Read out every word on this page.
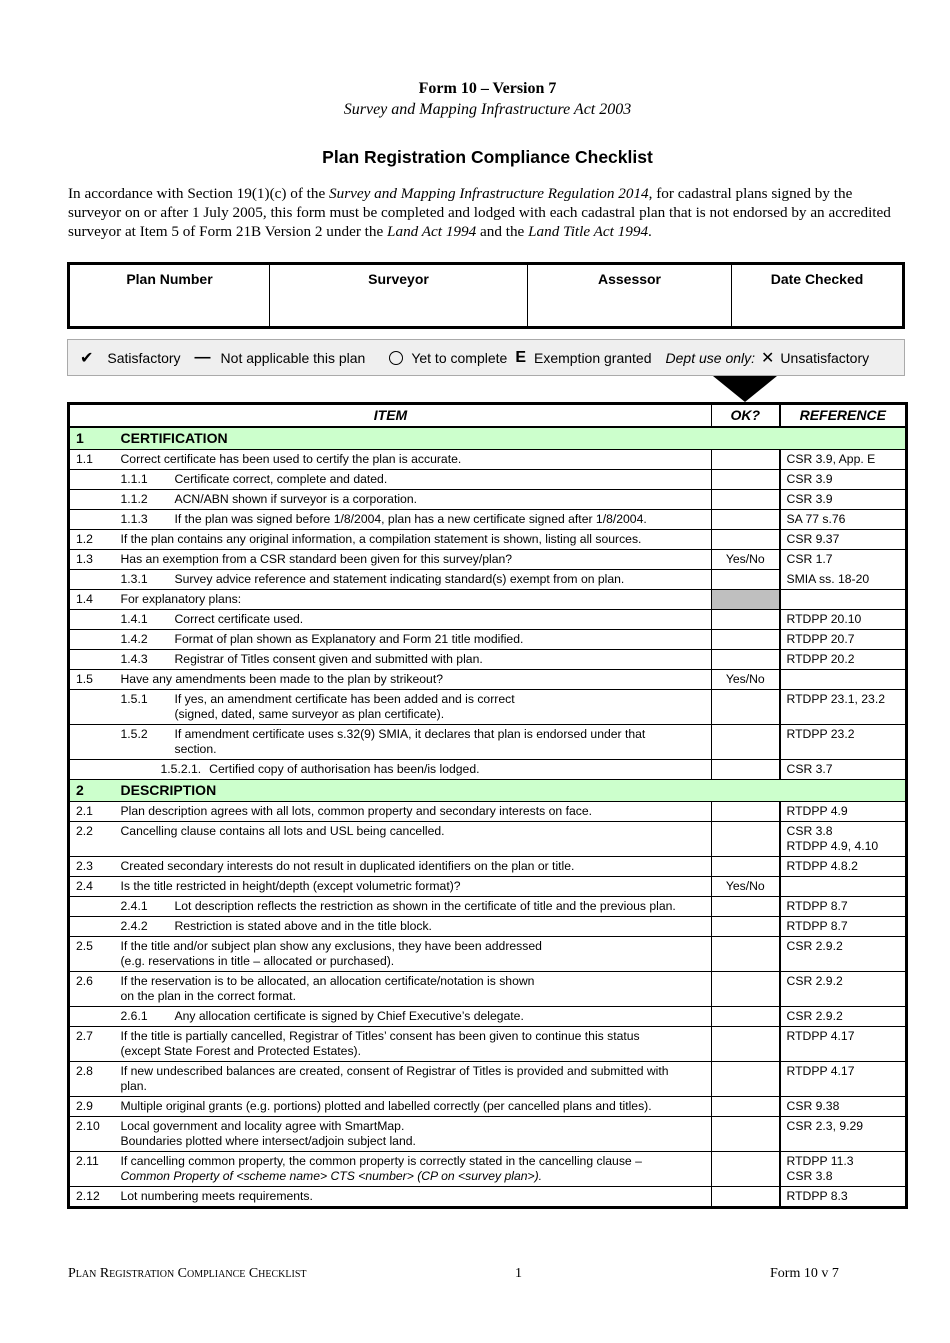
Form 10 – Version 7
Survey and Mapping Infrastructure Act 2003
Plan Registration Compliance Checklist
In accordance with Section 19(1)(c) of the Survey and Mapping Infrastructure Regulation 2014, for cadastral plans signed by the surveyor on or after 1 July 2005, this form must be completed and lodged with each cadastral plan that is not endorsed by an accredited surveyor at Item 5 of Form 21B Version 2 under the Land Act 1994 and the Land Title Act 1994.
Plan Number	Surveyor	Assessor	Date Checked
✔ Satisfactory — Not applicable this plan	Yet to complete E Exemption granted Dept use only: ✕ Unsatisfactory
ITEM		OK?	REFERENCE
1	CERTIFICATION		
1.1	Correct certificate has been used to certify the plan is accurate.		CSR 3.9, App. E

	1.1.1 Certificate correct, complete and dated.		CSR 3.9

	1.1.2 ACN/ABN shown if surveyor is a corporation.		CSR 3.9

	1.1.3 If the plan was signed before 1/8/2004, plan has a new certificate signed after 1/8/2004.		SA 77 s.76
1.2	If the plan contains any original information, a compilation statement is shown, listing all sources.		CSR 9.37
1.3	Has an exemption from a CSR standard been given for this survey/plan?	Yes/No	CSR 1.7

	1.3.1 Survey advice reference and statement indicating standard(s) exempt from on plan.		SMIA ss. 18-20
1.4	For explanatory plans:		

	1.4.1 Correct certificate used.		RTDPP 20.10

	1.4.2 Format of plan shown as Explanatory and Form 21 title modified.		RTDPP 20.7

	1.4.3 Registrar of Titles consent given and submitted with plan.		RTDPP 20.2
1.5	Have any amendments been made to the plan by strikeout?	Yes/No	

	1.5.1 If yes, an amendment certificate has been added and is correct
(signed, dated, same surveyor as plan certificate).		RTDPP 23.1, 23.2

	1.5.2 If amendment certificate uses s.32(9) SMIA, it declares that plan is endorsed under that
section.		RTDPP 23.2
	1.5.2.1. Certified copy of authorisation has been/is lodged.		CSR 3.7
2	DESCRIPTION		
2.1	Plan description agrees with all lots, common property and secondary interests on face.		RTDPP 4.9
2.2	Cancelling clause contains all lots and USL being cancelled.		CSR 3.8
RTDPP 4.9, 4.10
2.3	Created secondary interests do not result in duplicated identifiers on the plan or title.		RTDPP 4.8.2
2.4	Is the title restricted in height/depth (except volumetric format)?	Yes/No	

	2.4.1 Lot description reflects the restriction as shown in the certificate of title and the previous plan.		RTDPP 8.7

	2.4.2 Restriction is stated above and in the title block.		RTDPP 8.7
2.5	If the title and/or subject plan show any exclusions, they have been addressed
(e.g. reservations in title – allocated or purchased).		CSR 2.9.2
2.6	If the reservation is to be allocated, an allocation certificate/notation is shown
on the plan in the correct format.		CSR 2.9.2

	2.6.1 Any allocation certificate is signed by Chief Executive’s delegate.		CSR 2.9.2
2.7	If the title is partially cancelled, Registrar of Titles’ consent has been given to continue this status
(except State Forest and Protected Estates).		RTDPP 4.17
2.8	If new undescribed balances are created, consent of Registrar of Titles is provided and submitted with
plan.		RTDPP 4.17
2.9	Multiple original grants (e.g. portions) plotted and labelled correctly (per cancelled plans and titles).		CSR 9.38
2.10	Local government and locality agree with SmartMap.
Boundaries plotted where intersect/adjoin subject land.		CSR 2.3, 9.29
2.11	If cancelling common property, the common property is correctly stated in the cancelling clause –
Common Property of <scheme name> CTS <number> (CP on <survey plan>).		RTDPP 11.3
CSR 3.8
2.12	Lot numbering meets requirements.		RTDPP 8.3
Plan Registration Compliance Checklist	1	Form 10 v 7
